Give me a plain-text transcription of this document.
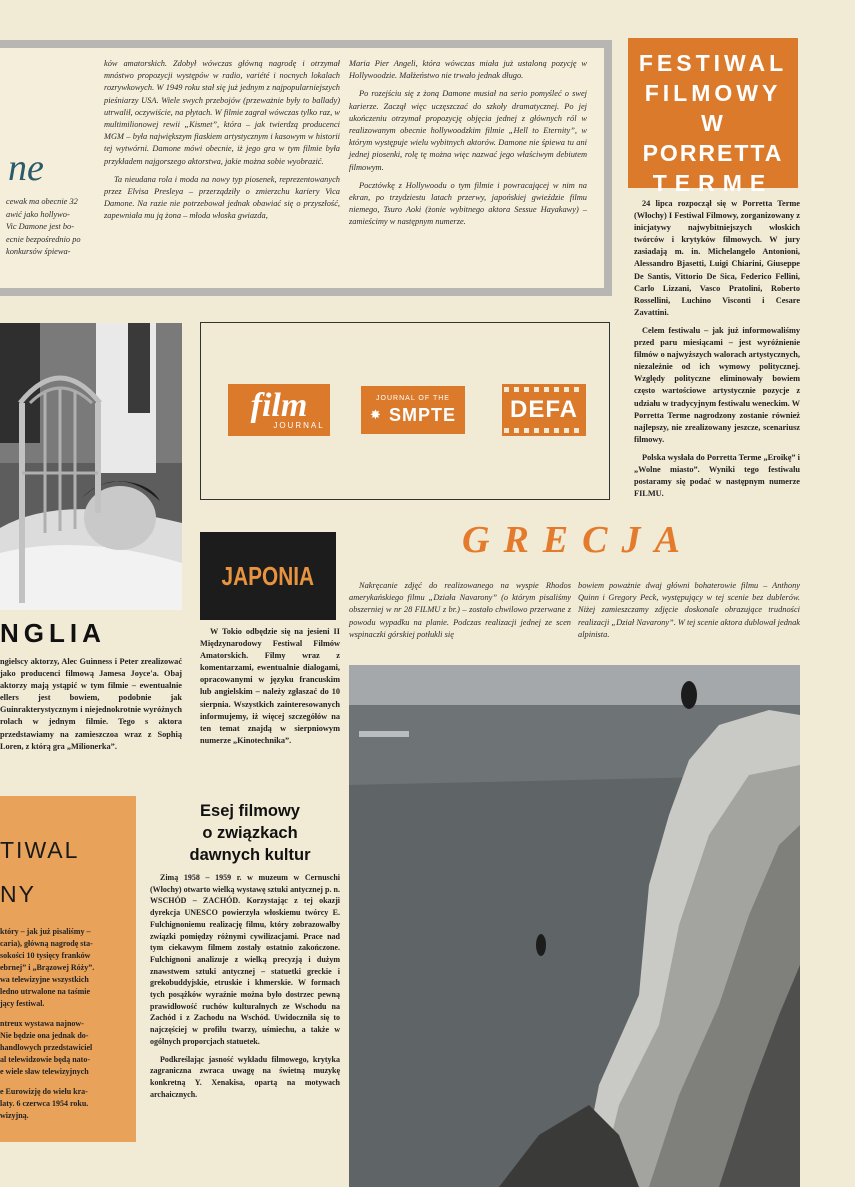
ne
cewak ma obecnie 32
awić jako hollywo-
Vic Damone jest bo-
ecnie bezpośrednio po
konkursów śpiewa-

ków amatorskich. Zdobył wówczas główną nagrodę i otrzymał mnóstwo propozycji występów w radio, variété i nocnych lokalach rozrywkowych. W 1949 roku stał się już jednym z najpopularniejszych pieśniarzy USA. Wiele swych przebojów (przeważnie były to ballady) utrwalił, oczywiście, na płytach. W filmie zagrał wówczas tylko raz, w multimilionowej rewii „Kismet”, która – jak twierdzą producenci MGM – była największym fiaskiem artystycznym i kasowym w historii tej wytwórni. Damone mówi obecnie, iż jego gra w tym filmie była przykładem najgorszego aktorstwa, jakie można sobie wyobrazić.

Ta nieudana rola i moda na nowy typ piosenek, reprezentowanych przez Elvisa Presleya – przerządziły o zmierzchu kariery Vica Damone. Na razie nie potrzebował jednak obawiać się o przyszłość, zapewniała mu ją żona – młoda włoska gwiazda,

Maria Pier Angeli, która wówczas miała już ustaloną pozycję w Hollywoodzie. Małżeństwo nie trwało jednak długo.

Po rozejściu się z żoną Damone musiał na serio pomyśleć o swej karierze. Zaczął więc uczęszczać do szkoły dramatycznej. Po jej ukończeniu otrzymał propozycję objęcia jednej z głównych ról w realizowanym obecnie hollywoodzkim filmie „Hell to Eternity”, w którym występuje wielu wybitnych aktorów. Damone nie śpiewa tu ani jednej piosenki, rolę tę można więc nazwać jego właściwym debiutem filmowym.

Pocztówkę z Hollywoodu o tym filmie i powracającej w nim na ekran, po trzydziestu latach przerwy, japońskiej gwieździe filmu niemego, Tsuro Aoki (żonie wybitnego aktora Sessue Hayakawy) – zamieścimy w następnym numerze.

FESTIWAL
FILMOWY
W PORRETTA
TERME

24 lipca rozpoczął się w Porretta Terme (Włochy) I Festiwal Filmowy, zorganizowany z inicjatywy najwybitniejszych włoskich twórców i krytyków filmowych. W jury zasiadają m. in. Michelangelo Antonioni, Alessandro Bjasetti, Luigi Chiarini, Giuseppe De Santis, Vittorio De Sica, Federico Fellini, Carlo Lizzani, Vasco Pratolini, Roberto Rossellini, Luchino Visconti i Cesare Zavattini.

Celem festiwalu – jak już informowaliśmy przed paru miesiącami – jest wyróżnienie filmów o najwyższych walorach artystycznych, niezależnie od ich wymowy politycznej. Względy polityczne eliminowały bowiem często wartościowe artystycznie pozycje z udziału w tradycyjnym festiwalu weneckim. W Porretta Terme nagrodzony zostanie również najlepszy, nie zrealizowany jeszcze, scenariusz filmowy.

Polska wysłała do Porretta Terme „Eroikę” i „Wolne miasto”. Wyniki tego festiwalu postaramy się podać w następnym numerze FILMU.

film
JOURNAL
JOURNAL OF THE
✸ SMPTE	DEFA
NGLIA
ngielscy aktorzy, Alec Guinness i Peter zrealizować jako producenci filmową Jamesa Joyce'a. Obaj aktorzy mają ystąpić w tym filmie – ewentualnie ellers jest bowiem, podobnie jak Guinrakterystycznym i niejednokrotnie wyróżnych rolach w jednym filmie. Tego s aktora przedstawiamy na zamieszczoa wraz z Sophią Loren, z którą gra „Milionerka”.
JAPONIA
W Tokio odbędzie się na jesieni II Międzynarodowy Festiwal Filmów Amatorskich. Filmy wraz z komentarzami, ewentualnie dialogami, opracowanymi w języku francuskim lub angielskim – należy zgłaszać do 10 sierpnia. Wszystkich zainteresowanych informujemy, iż więcej szczegółów na ten temat znajdą w sierpniowym numerze „Kinotechnika”.
GRECJA
Nakręcanie zdjęć do realizowanego na wyspie Rhodos amerykańskiego filmu „Działa Navarony” (o którym pisaliśmy obszerniej w nr 28 FILMU z br.) – zostało chwilowo przerwane z powodu wypadku na planie. Podczas realizacji jednej ze scen wspinaczki górskiej potłukli się
bowiem poważnie dwaj główni bohaterowie filmu – Anthony Quinn i Gregory Peck, występujący w tej scenie bez dublerów. Niżej zamieszczamy zdjęcie doskonale obrazujące trudności realizacji „Dział Navarony”. W tej scenie aktora dublował jednak alpinista.
Esej filmowy
o związkach
dawnych kultur

Zimą 1958 – 1959 r. w muzeum w Cernuschi (Włochy) otwarto wielką wystawę sztuki antycznej p. n. WSCHÓD – ZACHÓD. Korzystając z tej okazji dyrekcja UNESCO powierzyła włoskiemu twórcy E. Fulchignoniemu realizację filmu, który zobrazowałby związki pomiędzy różnymi cywilizacjami. Prace nad tym ciekawym filmem zostały ostatnio zakończone. Fulchignoni analizuje z wielką precyzją i dużym znawstwem sztuki antycznej – statuetki greckie i grekobuddyjskie, etruskie i khmerskie. W formach tych posążków wyraźnie można było dostrzec pewną prawidłowość ruchów kulturalnych ze Wschodu na Zachód i z Zachodu na Wschód. Uwidoczniła się to najczęściej w profilu twarzy, uśmiechu, a także w ogólnych proporcjach statuetek.

Podkreślając jasność wykładu filmowego, krytyka zagraniczna zwraca uwagę na świetną muzykę konkretną Y. Xenakisa, opartą na motywach archaicznych.

TIWAL
NY
który – jak już pisaliśmy –
caria), główną nagrodę sta-
sokości 10 tysięcy franków
ebrnej” i „Brązowej Róży”.
wa telewizyjne wszystkich
ledno utrwalone na taśmie
jący festiwal.
ntreux wystawa najnow-
Nie będzie ona jednak do-
handlowych przedstawiciel
al telewidzowie będą nato-
e wiele sław telewizyjnych
e Eurowizję do wielu kra-
laty. 6 czerwca 1954 roku.
wizyjną.
